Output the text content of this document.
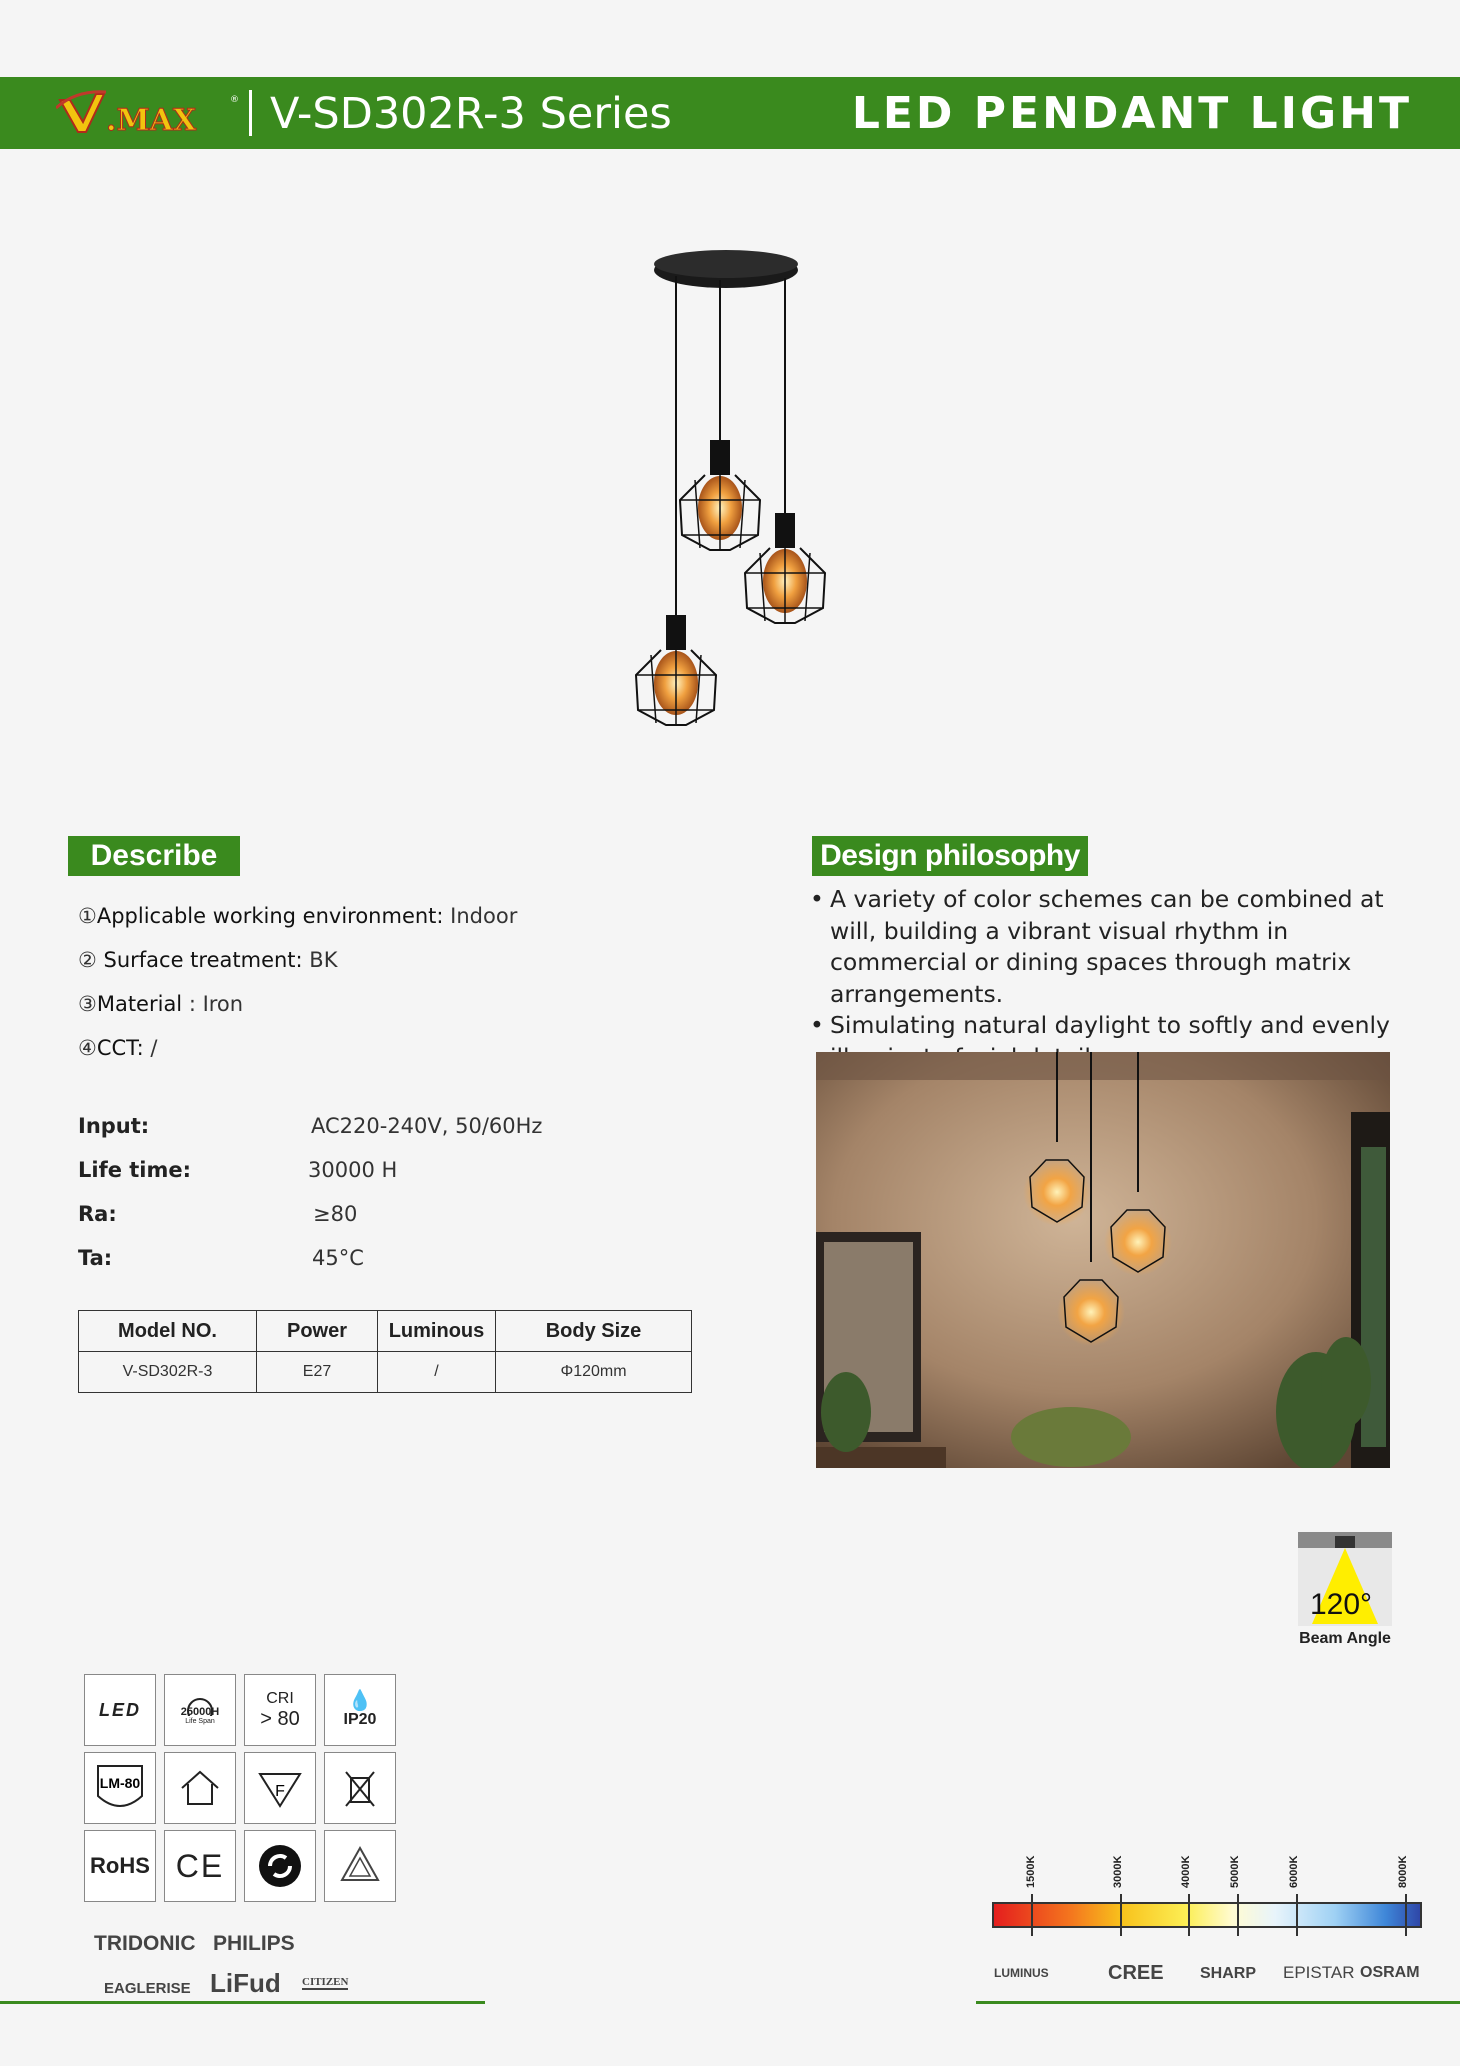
.MAX
® V-SD302R-3 Series	LED PENDANT LIGHT
Describe
①Applicable working environment: Indoor
② Surface treatment: BK
③Material : Iron
④CCT: /
Input:	AC220-240V, 50/60Hz
Life time:	30000 H
Ra:	≥80
Ta:	45°C
Model NO.	Power	Luminous	Body Size
V-SD302R-3	E27	/	Φ120mm
Design philosophy
• A variety of color schemes can be combined at will, building a vibrant visual rhythm in commercial or dining spaces through matrix arrangements.
• Simulating natural daylight to softly and evenly
120°
Beam Angle
LED	25000H
Life Span
CRI
> 80
💧
IP20
LM-80	F
RoHS CE
TRIDONIC PHILIPS
EAGLERISE LiFud CITIZEN
1500K	3000K	4000K	5000K	6000K	8000K
LUMINUS	CREE SHARP EPISTAR OSRAM
